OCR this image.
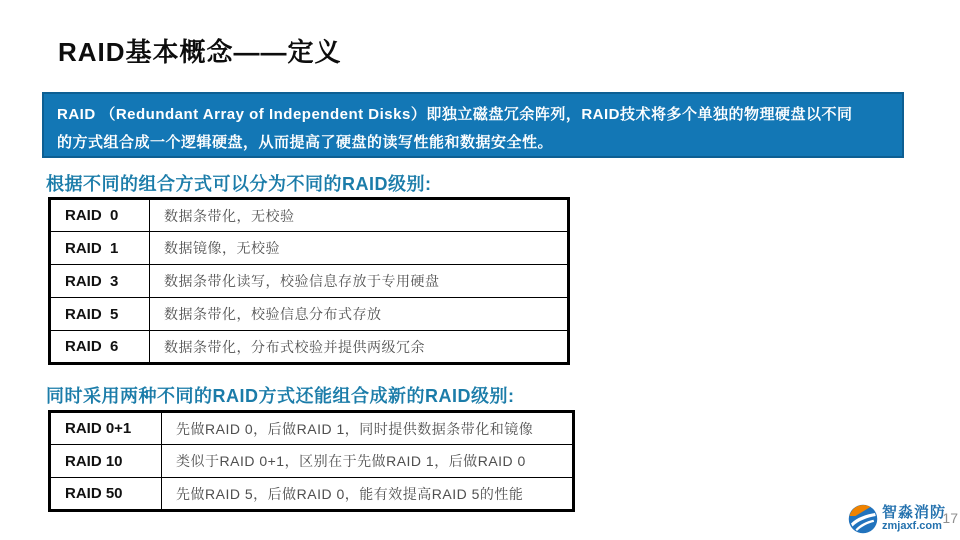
RAID基本概念——定义
RAID （Redundant Array of Independent Disks）即独立磁盘冗余阵列，RAID技术将多个单独的物理硬盘以不同
的方式组合成一个逻辑硬盘，从而提高了硬盘的读写性能和数据安全性。
根据不同的组合方式可以分为不同的RAID级别:
RAID  0	数据条带化，无校验
RAID  1	数据镜像，无校验
RAID  3	数据条带化读写，校验信息存放于专用硬盘
RAID  5	数据条带化，校验信息分布式存放
RAID  6	数据条带化，分布式校验并提供两级冗余
同时采用两种不同的RAID方式还能组合成新的RAID级别:
RAID 0+1	先做RAID 0，后做RAID 1，同时提供数据条带化和镜像
RAID 10	类似于RAID 0+1，区别在于先做RAID 1，后做RAID 0
RAID 50	先做RAID 5，后做RAID 0，能有效提高RAID 5的性能
17
智淼消防
zmjaxf.com
